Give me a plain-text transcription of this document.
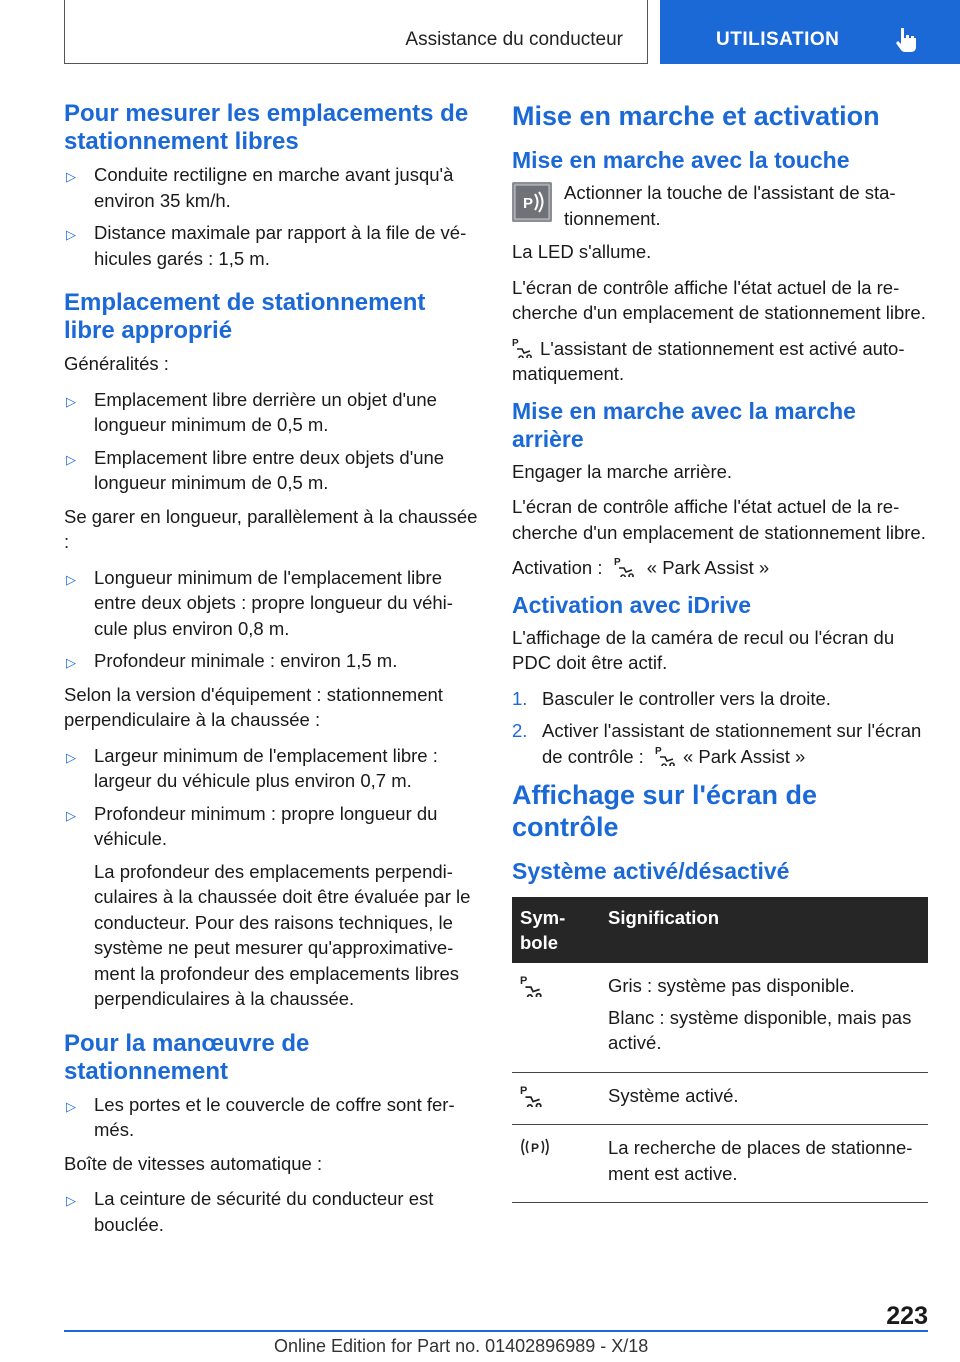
Assistance du conducteur	UTILISATION
Pour mesurer les emplacements de stationnement libres
▷ Conduite rectiligne en marche avant jusqu'à environ 35 km/h.
▷ Distance maximale par rapport à la file de véhicules garés : 1,5 m.
Emplacement de stationnement libre approprié

Généralités :

▷ Emplacement libre derrière un objet d'une longueur minimum de 0,5 m.
▷ Emplacement libre entre deux objets d'une longueur minimum de 0,5 m.

Se garer en longueur, parallèlement à la chaussée :

▷ Longueur minimum de l'emplacement libre entre deux objets : propre longueur du véhicule plus environ 0,8 m.
▷ Profondeur minimale : environ 1,5 m.

Selon la version d'équipement : stationnement perpendiculaire à la chaussée :

▷ Largeur minimum de l'emplacement libre : largeur du véhicule plus environ 0,7 m.
▷ Profondeur minimum : propre longueur du véhicule.
La profondeur des emplacements perpendiculaires à la chaussée doit être évaluée par le conducteur. Pour des raisons techniques, le système ne peut mesurer qu'approximativement la profondeur des emplacements libres perpendiculaires à la chaussée.
Pour la manœuvre de stationnement
▷ Les portes et le couvercle de coffre sont fermés.

Boîte de vitesses automatique :

▷ La ceinture de sécurité du conducteur est bouclée.
Mise en marche et activation
Mise en marche avec la touche
P
Actionner la touche de l'assistant de stationnement.

La LED s'allume.

L'écran de contrôle affiche l'état actuel de la recherche d'un emplacement de stationnement libre.

P L'assistant de stationnement est activé automatiquement.

Mise en marche avec la marche arrière

Engager la marche arrière.

L'écran de contrôle affiche l'état actuel de la recherche d'un emplacement de stationnement libre.

Activation : P « Park Assist »

Activation avec iDrive

L'affichage de la caméra de recul ou l'écran du PDC doit être actif.

1. Basculer le controller vers la droite.
2. Activer l'assistant de stationnement sur l'écran de contrôle : P « Park Assist »
Affichage sur l'écran de contrôle
Système activé/désactivé
Symbole	Signification

P	Gris : système pas disponible.

Blanc : système disponible, mais pas activé.

P	Système activé.

P	La recherche de places de stationnement est active.

223
Online Edition for Part no. 01402896989 - X/18
